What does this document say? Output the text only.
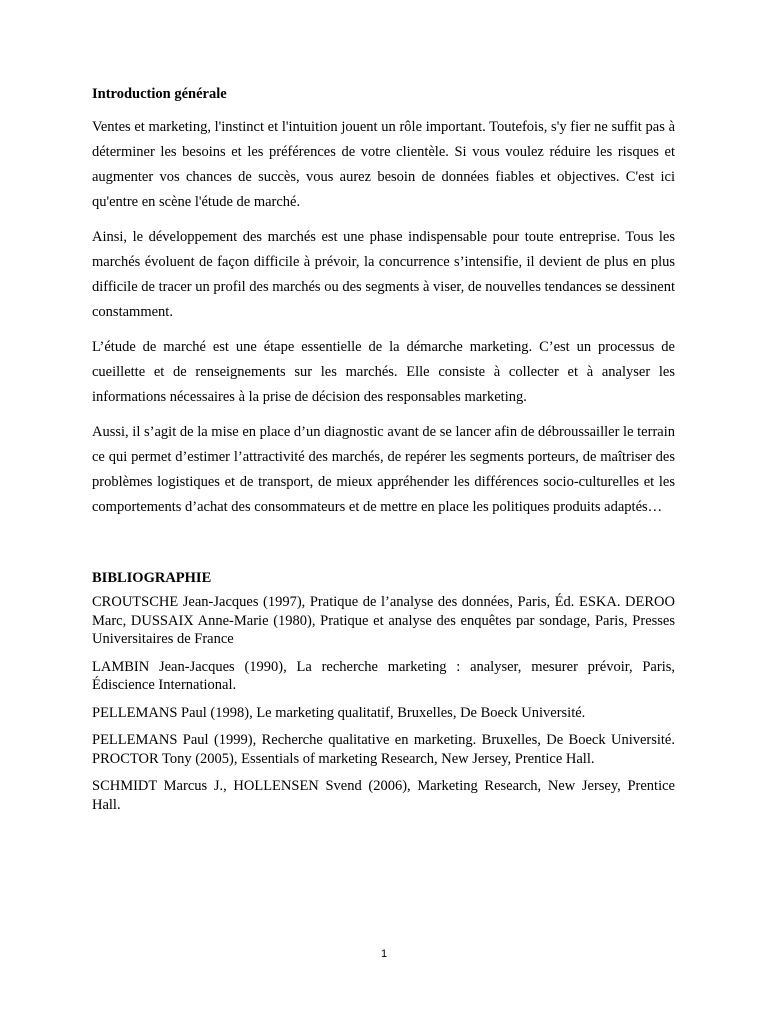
Introduction générale

Ventes et marketing, l'instinct et l'intuition jouent un rôle important. Toutefois, s'y fier ne suffit pas à déterminer les besoins et les préférences de votre clientèle. Si vous voulez réduire les risques et augmenter vos chances de succès, vous aurez besoin de données fiables et objectives. C'est ici qu'entre en scène l'étude de marché.

Ainsi, le développement des marchés est une phase indispensable pour toute entreprise. Tous les marchés évoluent de façon difficile à prévoir, la concurrence s’intensifie, il devient de plus en plus difficile de tracer un profil des marchés ou des segments à viser, de nouvelles tendances se dessinent constamment.

L’étude de marché est une étape essentielle de la démarche marketing. C’est un processus de cueillette et de renseignements sur les marchés. Elle consiste à collecter et à analyser les informations nécessaires à la prise de décision des responsables marketing.

Aussi, il s’agit de la mise en place d’un diagnostic avant de se lancer afin de débroussailler le terrain ce qui permet d’estimer l’attractivité des marchés, de repérer les segments porteurs, de maîtriser des problèmes logistiques et de transport, de mieux appréhender les différences socio-culturelles et les comportements d’achat des consommateurs et de mettre en place les politiques produits adaptés…

BIBLIOGRAPHIE

CROUTSCHE Jean-Jacques (1997), Pratique de l’analyse des données, Paris, Éd. ESKA. DEROO Marc, DUSSAIX Anne-Marie (1980), Pratique et analyse des enquêtes par sondage, Paris, Presses Universitaires de France

LAMBIN Jean-Jacques (1990), La recherche marketing : analyser, mesurer prévoir, Paris, Édiscience International.

PELLEMANS Paul (1998), Le marketing qualitatif, Bruxelles, De Boeck Université.

PELLEMANS Paul (1999), Recherche qualitative en marketing. Bruxelles, De Boeck Université. PROCTOR Tony (2005), Essentials of marketing Research, New Jersey, Prentice Hall.

SCHMIDT Marcus J., HOLLENSEN Svend (2006), Marketing Research, New Jersey, Prentice Hall.

1
